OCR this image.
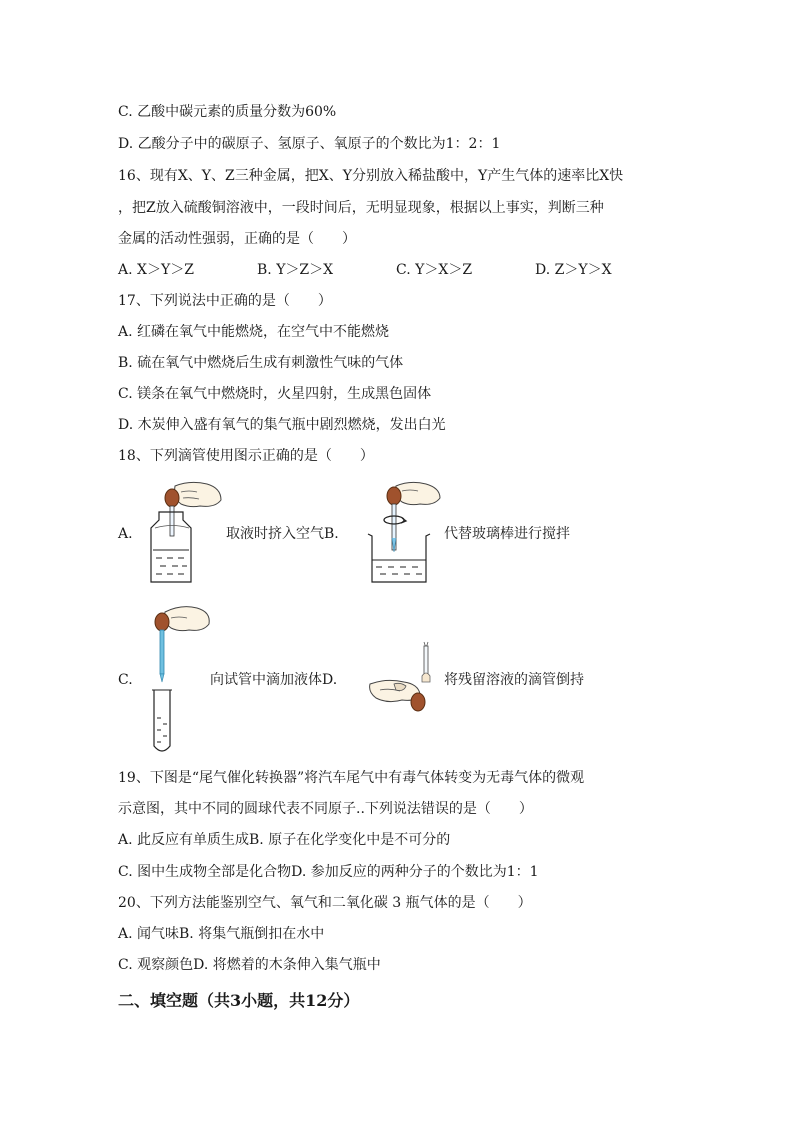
C. 乙酸中碳元素的质量分数为60%
D. 乙酸分子中的碳原子、氢原子、氧原子的个数比为1：2：1
16、现有X、Y、Z三种金属，把X、Y分别放入稀盐酸中，Y产生气体的速率比X快
，把Z放入硫酸铜溶液中，一段时间后，无明显现象，根据以上事实，判断三种
金属的活动性强弱，正确的是（　　）
A. X＞Y＞Z	B. Y＞Z＞X	C. Y＞X＞Z	D. Z＞Y＞X
17、下列说法中正确的是（　　）
A. 红磷在氧气中能燃烧，在空气中不能燃烧
B. 硫在氧气中燃烧后生成有刺激性气味的气体
C. 镁条在氧气中燃烧时，火星四射，生成黑色固体
D. 木炭伸入盛有氧气的集气瓶中剧烈燃烧，发出白光
18、下列滴管使用图示正确的是（　　）
A.	取液时挤入空气B.	代替玻璃棒进行搅拌
C.	向试管中滴加液体D.	将残留溶液的滴管倒持
19、下图是“尾气催化转换器”将汽车尾气中有毒气体转变为无毒气体的微观
示意图，其中不同的圆球代表不同原子..下列说法错误的是（　　）
A. 此反应有单质生成B. 原子在化学变化中是不可分的
C. 图中生成物全部是化合物D. 参加反应的两种分子的个数比为1：1
20、下列方法能鉴别空气、氧气和二氧化碳 3 瓶气体的是（　　）
A. 闻气味B. 将集气瓶倒扣在水中
C. 观察颜色D. 将燃着的木条伸入集气瓶中
二、填空题（共3小题，共12分）
